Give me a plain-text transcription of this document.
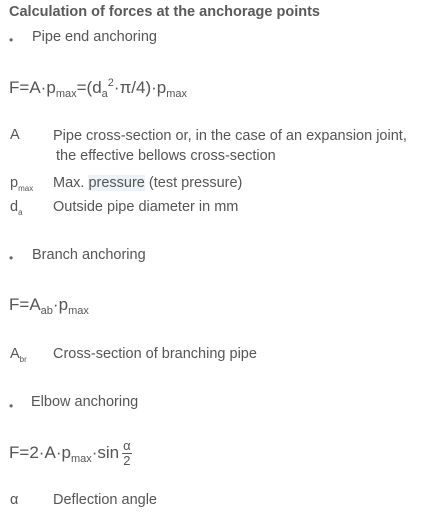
Calculation of forces at the anchorage points
• Pipe end anchoring
$F=A\cdot p_{max}=(d_a^2\cdot\pi/4)\cdot p_{max}$
A Pipe cross-section or, in the case of an expansion joint,
the effective bellows cross-section
$p_{max}$ Max. pressure (test pressure)
$d_a$ Outside pipe diameter in mm
• Branch anchoring
$F=A_{ab}\cdot p_{max}$
$A_{br}$ Cross-section of branching pipe
• Elbow anchoring
$F=2\cdot A\cdot p_{max}\cdot\sin \frac{\alpha}{2}$
α Deflection angle
